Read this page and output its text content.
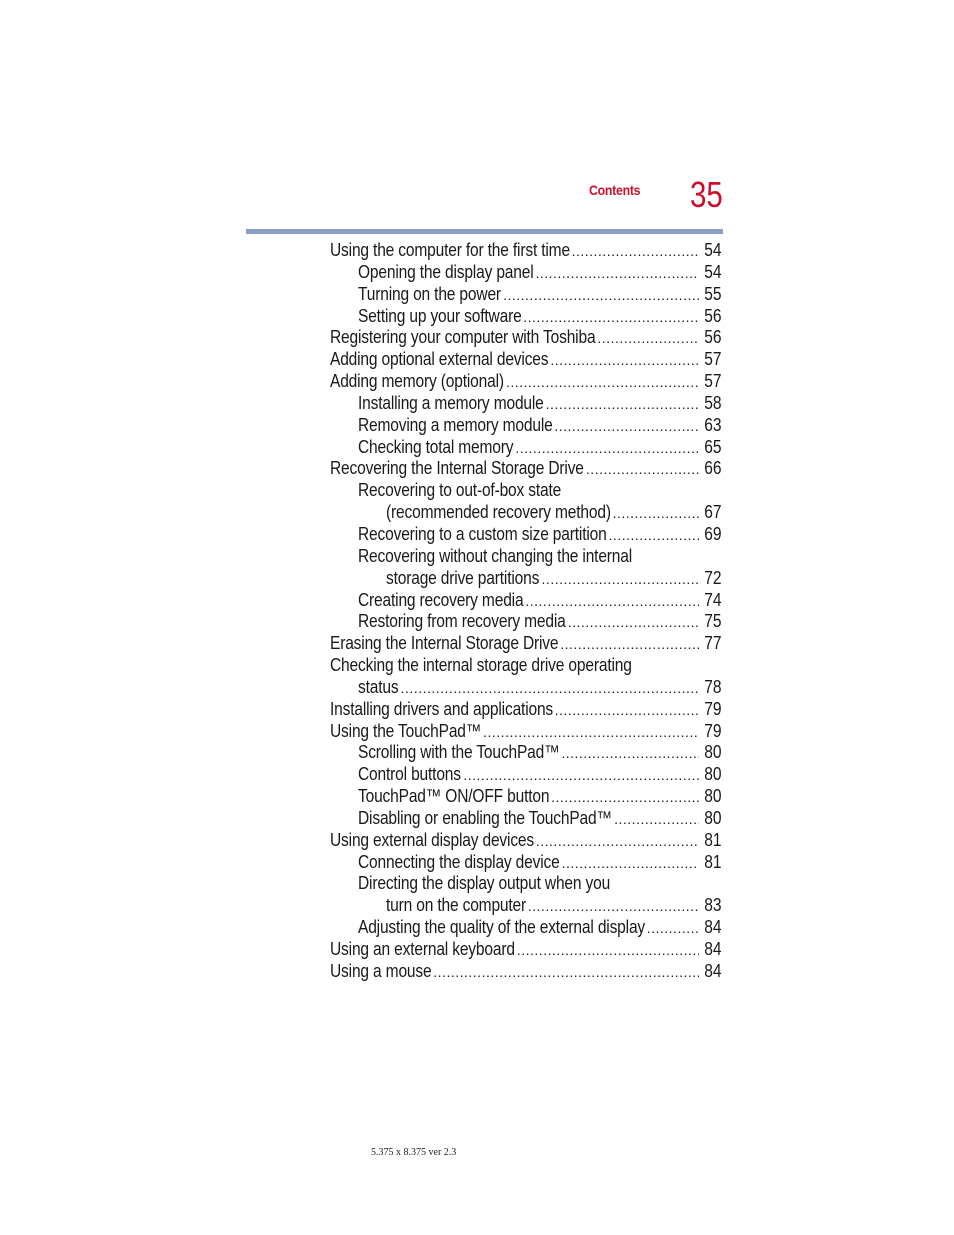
Contents 35
Using the computer for the first time .....	54
Opening the display panel .....	54
Turning on the power .....	55
Setting up your software .....	56
Registering your computer with Toshiba .....	56
Adding optional external devices .....	57
Adding memory (optional) .....	57
Installing a memory module .....	58
Removing a memory module .....	63
Checking total memory .....	65
Recovering the Internal Storage Drive .....	66
Recovering to out-of-box state
(recommended recovery method) .....	67
Recovering to a custom size partition .....	69
Recovering without changing the internal
storage drive partitions .....	72
Creating recovery media .....	74
Restoring from recovery media .....	75
Erasing the Internal Storage Drive .....	77
Checking the internal storage drive operating
status .....	78
Installing drivers and applications .....	79
Using the TouchPad™ .....	79
Scrolling with the TouchPad™ .....	80
Control buttons .....	80
TouchPad™ ON/OFF button .....	80
Disabling or enabling the TouchPad™ .....	80
Using external display devices .....	81
Connecting the display device .....	81
Directing the display output when you
turn on the computer .....	83
Adjusting the quality of the external display .....	84
Using an external keyboard .....	84
Using a mouse .....	84
5.375 x 8.375 ver 2.3
